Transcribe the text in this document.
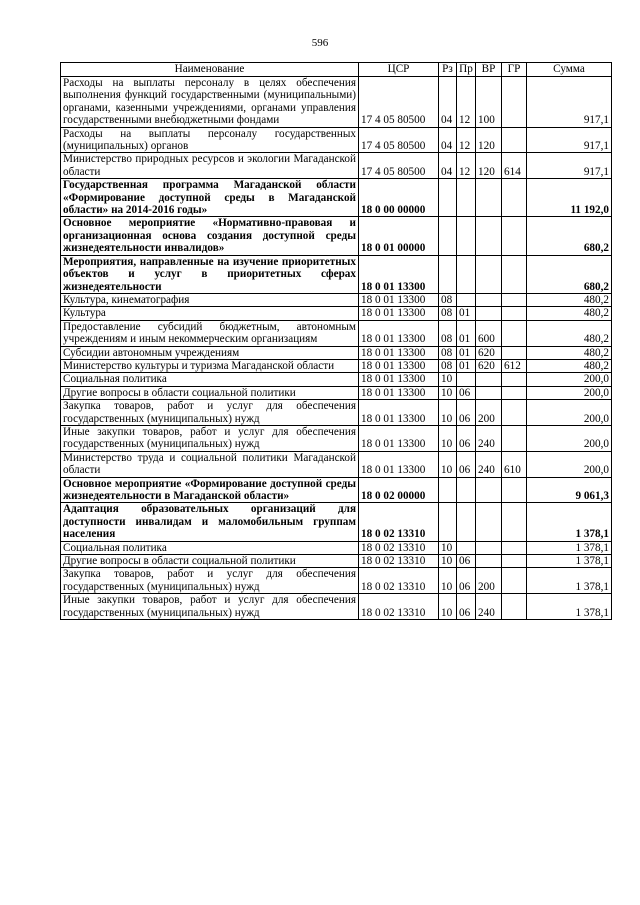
596
Наименование	ЦСР	Рз	Пр	ВР	ГР	Сумма
Расходы на выплаты персоналу в целях обеспечения выполнения функций государственными (муниципальными) органами, казенными учреждениями, органами управления государственными внебюджетными фондами	17 4 05 80500	04	12	100		917,1
Расходы на выплаты персоналу государственных (муниципальных) органов	17 4 05 80500	04	12	120		917,1
Министерство природных ресурсов и экологии Магаданской области	17 4 05 80500	04	12	120	614	917,1
Государственная программа Магаданской области «Формирование доступной среды в Магаданской области» на 2014-2016 годы»	18 0 00 00000					11 192,0
Основное мероприятие «Нормативно-правовая и организационная основа создания доступной среды жизнедеятельности инвалидов»	18 0 01 00000					680,2
Мероприятия, направленные на изучение приоритетных объектов и услуг в приоритетных сферах жизнедеятельности	18 0 01 13300					680,2
Культура, кинематография	18 0 01 13300	08				480,2
Культура	18 0 01 13300	08	01			480,2
Предоставление субсидий бюджетным, автономным учреждениям и иным некоммерческим организациям	18 0 01 13300	08	01	600		480,2
Субсидии автономным учреждениям	18 0 01 13300	08	01	620		480,2
Министерство культуры и туризма Магаданской области	18 0 01 13300	08	01	620	612	480,2
Социальная политика	18 0 01 13300	10				200,0
Другие вопросы в области социальной политики	18 0 01 13300	10	06			200,0
Закупка товаров, работ и услуг для обеспечения государственных (муниципальных) нужд	18 0 01 13300	10	06	200		200,0
Иные закупки товаров, работ и услуг для обеспечения государственных (муниципальных) нужд	18 0 01 13300	10	06	240		200,0
Министерство труда и социальной политики Магаданской области	18 0 01 13300	10	06	240	610	200,0
Основное мероприятие «Формирование доступной среды жизнедеятельности в Магаданской области»	18 0 02 00000					9 061,3
Адаптация образовательных организаций для доступности инвалидам и маломобильным группам населения	18 0 02 13310					1 378,1
Социальная политика	18 0 02 13310	10				1 378,1
Другие вопросы в области социальной политики	18 0 02 13310	10	06			1 378,1
Закупка товаров, работ и услуг для обеспечения государственных (муниципальных) нужд	18 0 02 13310	10	06	200		1 378,1
Иные закупки товаров, работ и услуг для обеспечения государственных (муниципальных) нужд	18 0 02 13310	10	06	240		1 378,1
